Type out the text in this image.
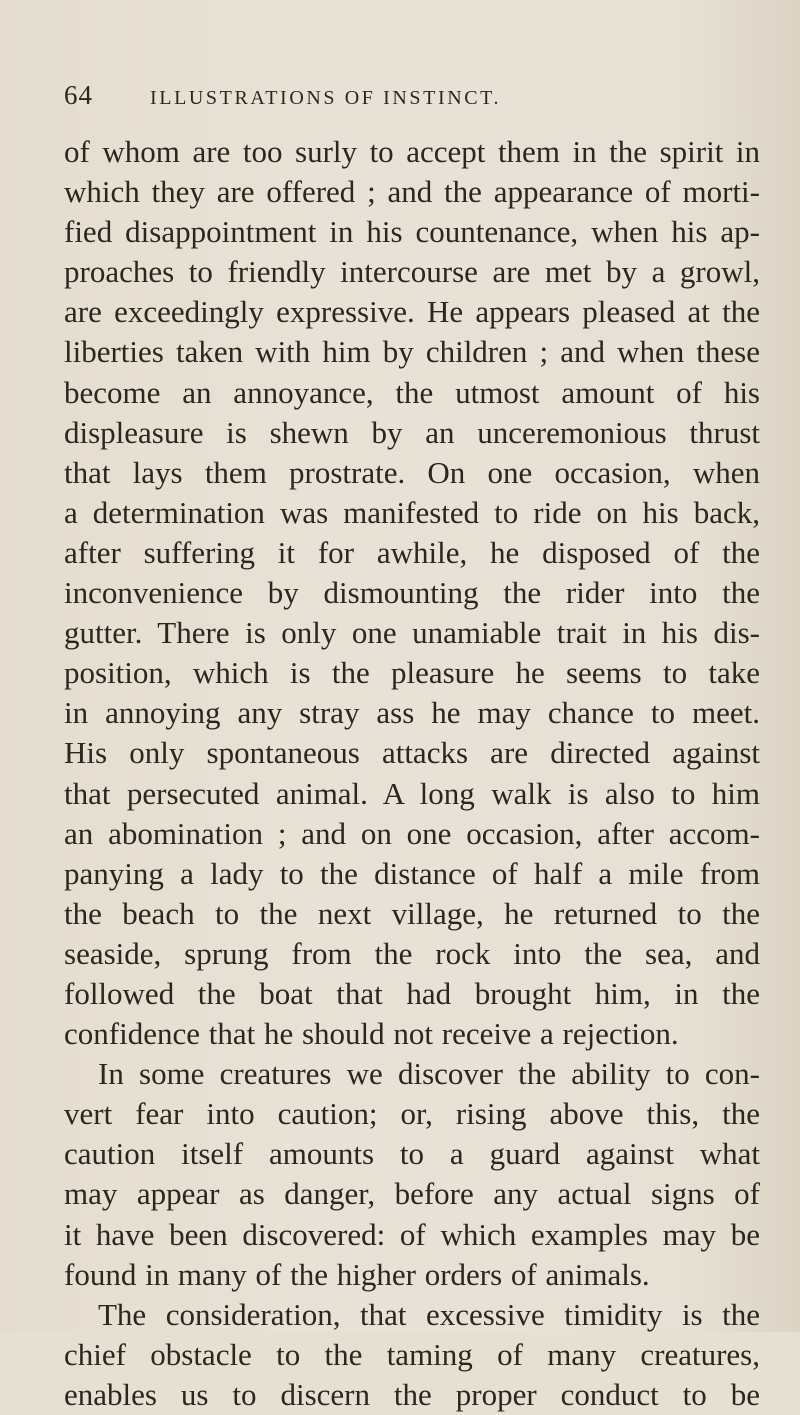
64	ILLUSTRATIONS OF INSTINCT.
of whom are too surly to accept them in the spirit in
which they are offered ; and the appearance of morti-
fied disappointment in his countenance, when his ap-
proaches to friendly intercourse are met by a growl,
are exceedingly expressive. He appears pleased at the
liberties taken with him by children ; and when these
become an annoyance, the utmost amount of his
displeasure is shewn by an unceremonious thrust
that lays them prostrate. On one occasion, when
a determination was manifested to ride on his back,
after suffering it for awhile, he disposed of the
inconvenience by dismounting the rider into the
gutter. There is only one unamiable trait in his dis-
position, which is the pleasure he seems to take
in annoying any stray ass he may chance to meet.
His only spontaneous attacks are directed against
that persecuted animal. A long walk is also to him
an abomination ; and on one occasion, after accom-
panying a lady to the distance of half a mile from
the beach to the next village, he returned to the
seaside, sprung from the rock into the sea, and
followed the boat that had brought him, in the
confidence that he should not receive a rejection.
In some creatures we discover the ability to con-
vert fear into caution; or, rising above this, the
caution itself amounts to a guard against what
may appear as danger, before any actual signs of
it have been discovered: of which examples may be
found in many of the higher orders of animals.
The consideration, that excessive timidity is the
chief obstacle to the taming of many creatures,
enables us to discern the proper conduct to be
